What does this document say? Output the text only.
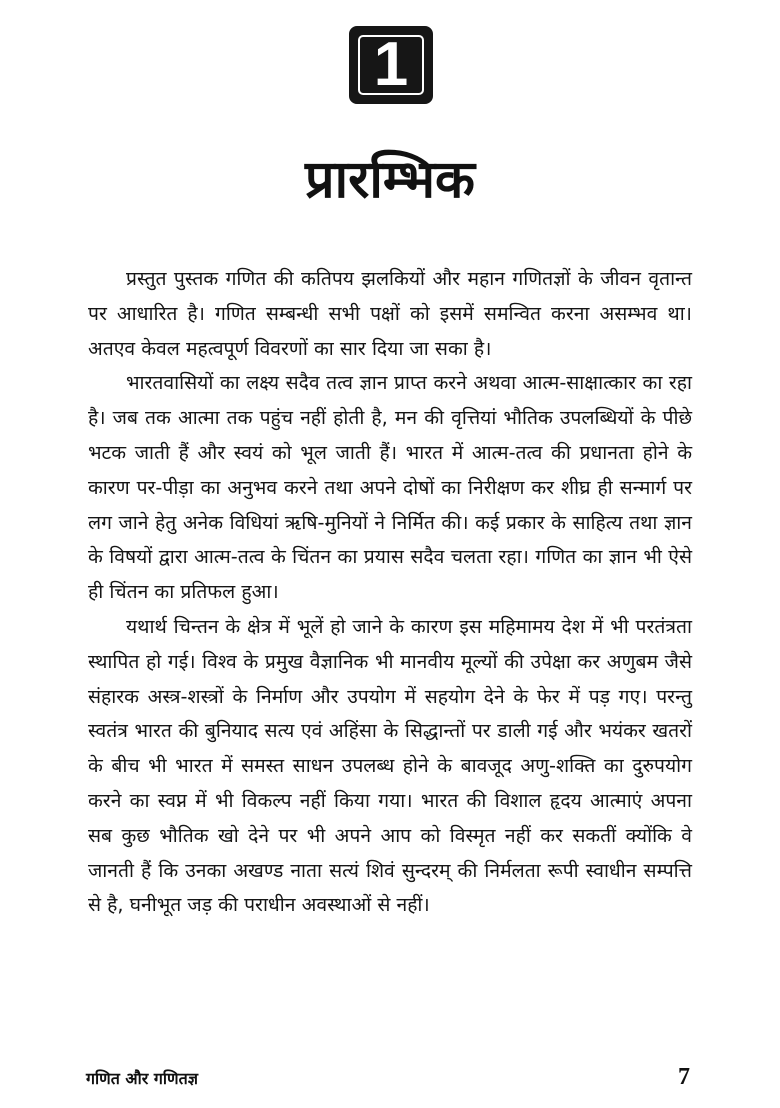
1
प्रारम्भिक

प्रस्तुत पुस्तक गणित की कतिपय झलकियों और महान गणितज्ञों के जीवन वृतान्त पर आधारित है। गणित सम्बन्धी सभी पक्षों को इसमें समन्वित करना असम्भव था। अतएव केवल महत्वपूर्ण विवरणों का सार दिया जा सका है।

भारतवासियों का लक्ष्य सदैव तत्व ज्ञान प्राप्त करने अथवा आत्म-साक्षात्कार का रहा है। जब तक आत्मा तक पहुंच नहीं होती है, मन की वृत्तियां भौतिक उपलब्धियों के पीछे भटक जाती हैं और स्वयं को भूल जाती हैं। भारत में आत्म-तत्व की प्रधानता होने के कारण पर-पीड़ा का अनुभव करने तथा अपने दोषों का निरीक्षण कर शीघ्र ही सन्मार्ग पर लग जाने हेतु अनेक विधियां ऋषि-मुनियों ने निर्मित की। कई प्रकार के साहित्य तथा ज्ञान के विषयों द्वारा आत्म-तत्व के चिंतन का प्रयास सदैव चलता रहा। गणित का ज्ञान भी ऐसे ही चिंतन का प्रतिफल हुआ।

यथार्थ चिन्तन के क्षेत्र में भूलें हो जाने के कारण इस महिमामय देश में भी परतंत्रता स्थापित हो गई। विश्व के प्रमुख वैज्ञानिक भी मानवीय मूल्यों की उपेक्षा कर अणुबम जैसे संहारक अस्त्र-शस्त्रों के निर्माण और उपयोग में सहयोग देने के फेर में पड़ गए। परन्तु स्वतंत्र भारत की बुनियाद सत्य एवं अहिंसा के सिद्धान्तों पर डाली गई और भयंकर खतरों के बीच भी भारत में समस्त साधन उपलब्ध होने के बावजूद अणु-शक्ति का दुरुपयोग करने का स्वप्न में भी विकल्प नहीं किया गया। भारत की विशाल हृदय आत्माएं अपना सब कुछ भौतिक खो देने पर भी अपने आप को विस्मृत नहीं कर सकतीं क्योंकि वे जानती हैं कि उनका अखण्ड नाता सत्यं शिवं सुन्दरम् की निर्मलता रूपी स्वाधीन सम्पत्ति से है, घनीभूत जड़ की पराधीन अवस्थाओं से नहीं।

गणित और गणितज्ञ	7
